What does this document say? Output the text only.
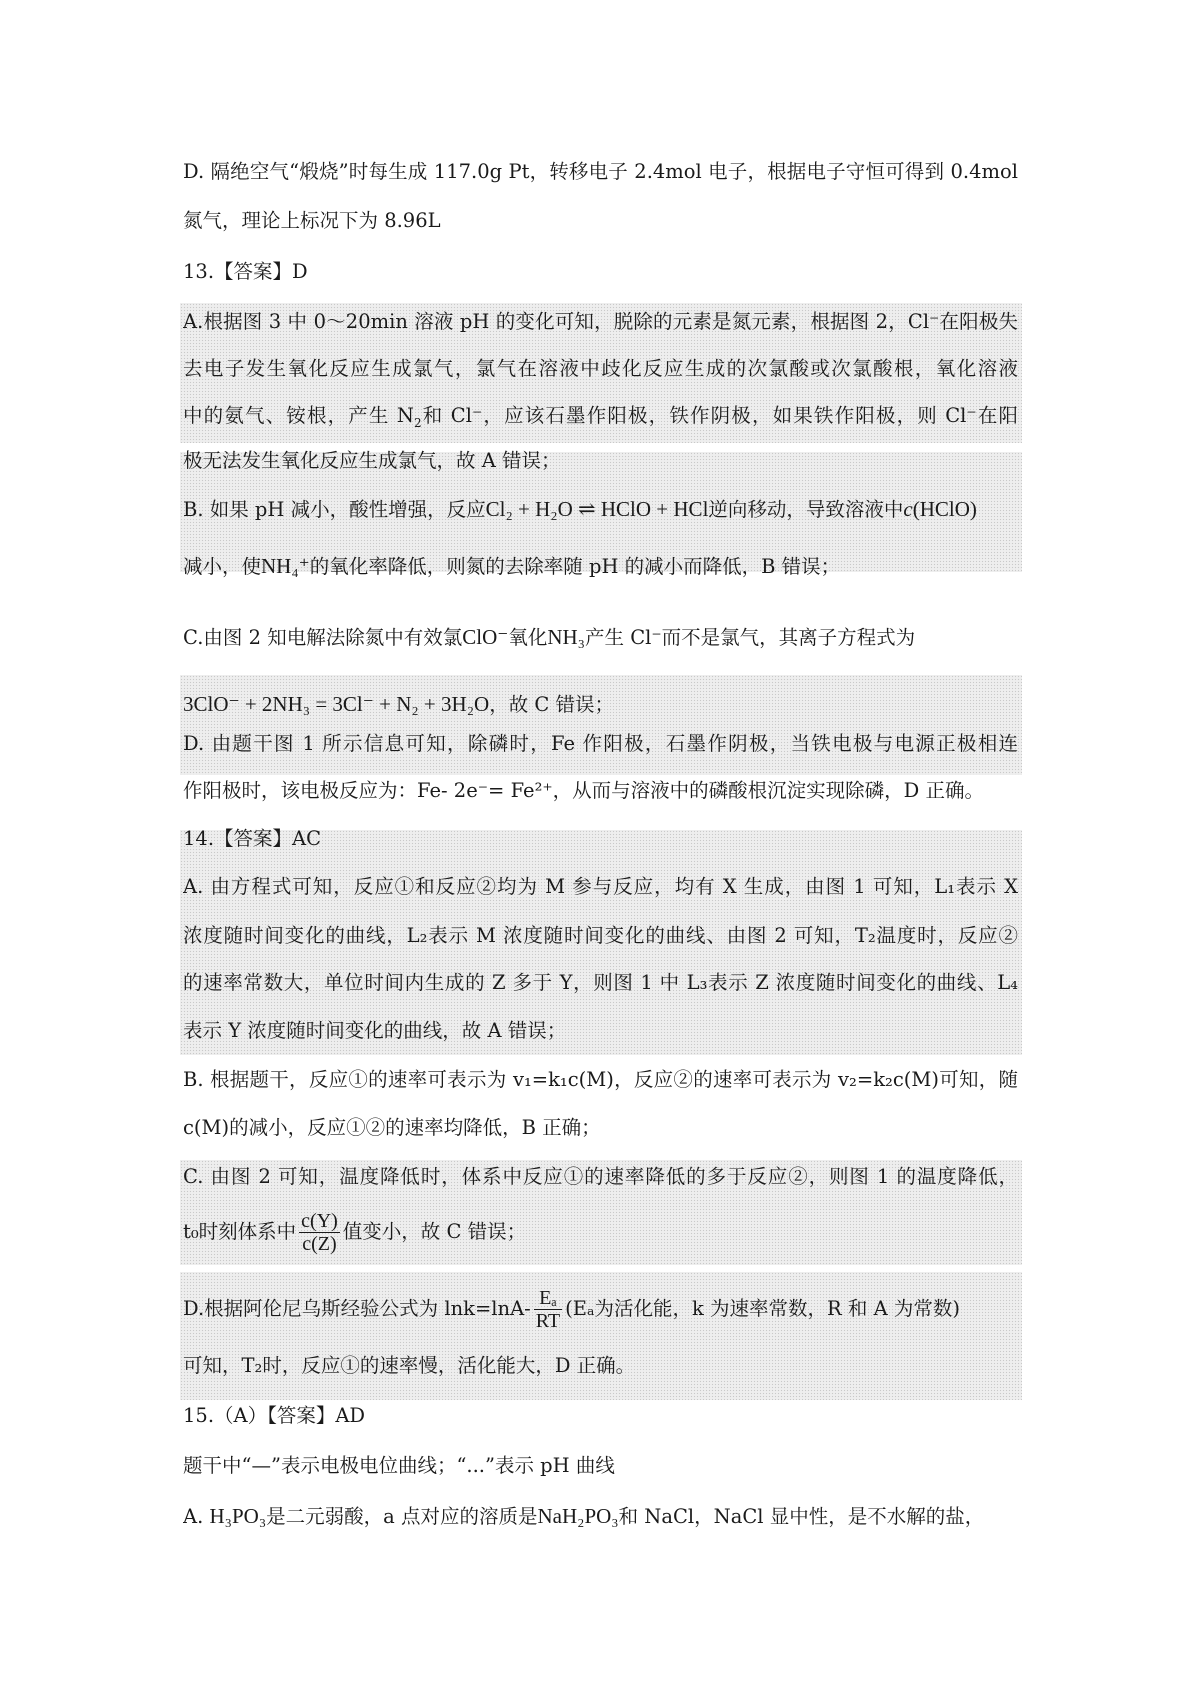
D. 隔绝空气“煅烧”时每生成 117.0g Pt，转移电子 2.4mol 电子，根据电子守恒可得到 0.4mol
氮气，理论上标况下为 8.96L
13.【答案】D
A.根据图 3 中 0～20min 溶液 pH 的变化可知，脱除的元素是氮元素，根据图 2，Cl⁻在阳极失
去电子发生氧化反应生成氯气，氯气在溶液中歧化反应生成的次氯酸或次氯酸根，氧化溶液
中的氨气、铵根，产生 $N_2$和 Cl⁻，应该石墨作阳极，铁作阴极，如果铁作阳极，则 Cl⁻在阳
极无法发生氧化反应生成氯气，故 A 错误；
B. 如果 pH 减小，酸性增强，反应Cl₂ + H₂O ⇌ HClO + HCl逆向移动，导致溶液中c(HClO)
减小，使NH₄⁺的氧化率降低，则氮的去除率随 pH 的减小而降低，B 错误；
C.由图 2 知电解法除氮中有效氯ClO⁻氧化NH₃产生 Cl⁻而不是氯气，其离子方程式为
3ClO⁻ + 2NH₃ = 3Cl⁻ + N₂ + 3H₂O，故 C 错误；
D. 由题干图 1 所示信息可知，除磷时，Fe 作阳极，石墨作阴极，当铁电极与电源正极相连
作阳极时，该电极反应为：Fe- 2e⁻= Fe²⁺，从而与溶液中的磷酸根沉淀实现除磷，D 正确。
14.【答案】AC
A. 由方程式可知，反应①和反应②均为 M 参与反应，均有 X 生成，由图 1 可知，L₁表示 X
浓度随时间变化的曲线，L₂表示 M 浓度随时间变化的曲线、由图 2 可知，T₂温度时，反应②
的速率常数大，单位时间内生成的 Z 多于 Y，则图 1 中 L₃表示 Z 浓度随时间变化的曲线、L₄
表示 Y 浓度随时间变化的曲线，故 A 错误；
B. 根据题干，反应①的速率可表示为 v₁=k₁c(M)，反应②的速率可表示为 v₂=k₂c(M)可知，随
c(M)的减小，反应①②的速率均降低，B 正确；
C. 由图 2 可知，温度降低时，体系中反应①的速率降低的多于反应②，则图 1 的温度降低，
t₀时刻体系中 $\frac{c(Y)}{c(Z)}$ 值变小，故 C 错误；
D.根据阿伦尼乌斯经验公式为 $\ln k=\ln A- \frac{\text{Eₐ}}{RT} (E_a$为活化能，k 为速率常数，R 和 A 为常数)
可知，T₂时，反应①的速率慢，活化能大，D 正确。
15.（A）【答案】AD
题干中“—”表示电极电位曲线；“...”表示 pH 曲线
A. H₃PO₃是二元弱酸，a 点对应的溶质是NaH₂PO₃和 NaCl，NaCl 显中性，是不水解的盐，
